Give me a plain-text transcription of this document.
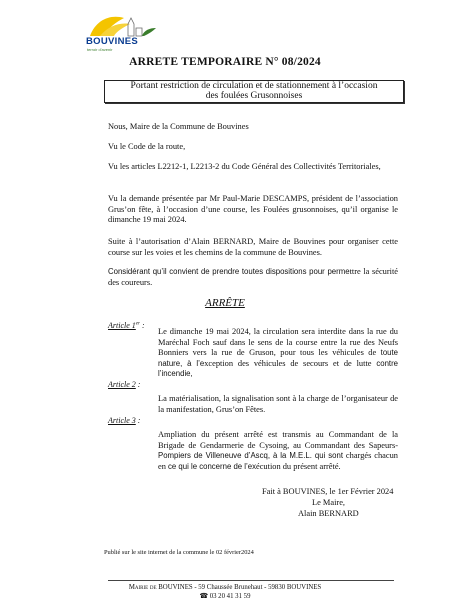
BOUVINES
terroir d'avenir
ARRETE TEMPORAIRE N° 08/2024
Portant restriction de circulation et de stationnement à l’occasion
des foulées Grusonnoises
Nous, Maire de la Commune de Bouvines
Vu le Code de la route,
Vu les articles L2212-1, L2213-2 du Code Général des Collectivités Territoriales,
Vu la demande présentée par Mr Paul-Marie DESCAMPS, président de l’association Grus’on fête, à l’occasion d’une course, les Foulées grusonnoises, qu’il organise le dimanche 19 mai 2024.
Suite à l’autorisation d’Alain BERNARD, Maire de Bouvines pour organiser cette course sur les voies et les chemins de la commune de Bouvines.
Considérant qu’il convient de prendre toutes dispositions pour permettre la sécurité des coureurs.
ARRÊTE
Article 1er :
Le dimanche 19 mai 2024, la circulation sera interdite dans la rue du Maréchal Foch sauf dans le sens de la course entre la rue des Neufs Bonniers vers la rue de Gruson, pour tous les véhicules de toute nature, à l’exception des véhicules de secours et de lutte contre l’incendie,
Article 2 :
La matérialisation, la signalisation sont à la charge de l’organisateur de la manifestation, Grus’on Fêtes.
Article 3 :
Ampliation du présent arrêté est transmis au Commandant de la Brigade de Gendarmerie de Cysoing, au Commandant des Sapeurs-Pompiers de Villeneuve d’Ascq, à la M.E.L. qui sont chargés chacun en ce qui le concerne de l’exécution du présent arrêté.
Fait à BOUVINES, le 1er Février 2024
Le Maire,
Alain BERNARD
Publié sur le site internet de la commune le 02 février2024
Mairie de BOUVINES - 59 Chaussée Brunehaut - 59830 BOUVINES
☎ 03 20 41 31 59
